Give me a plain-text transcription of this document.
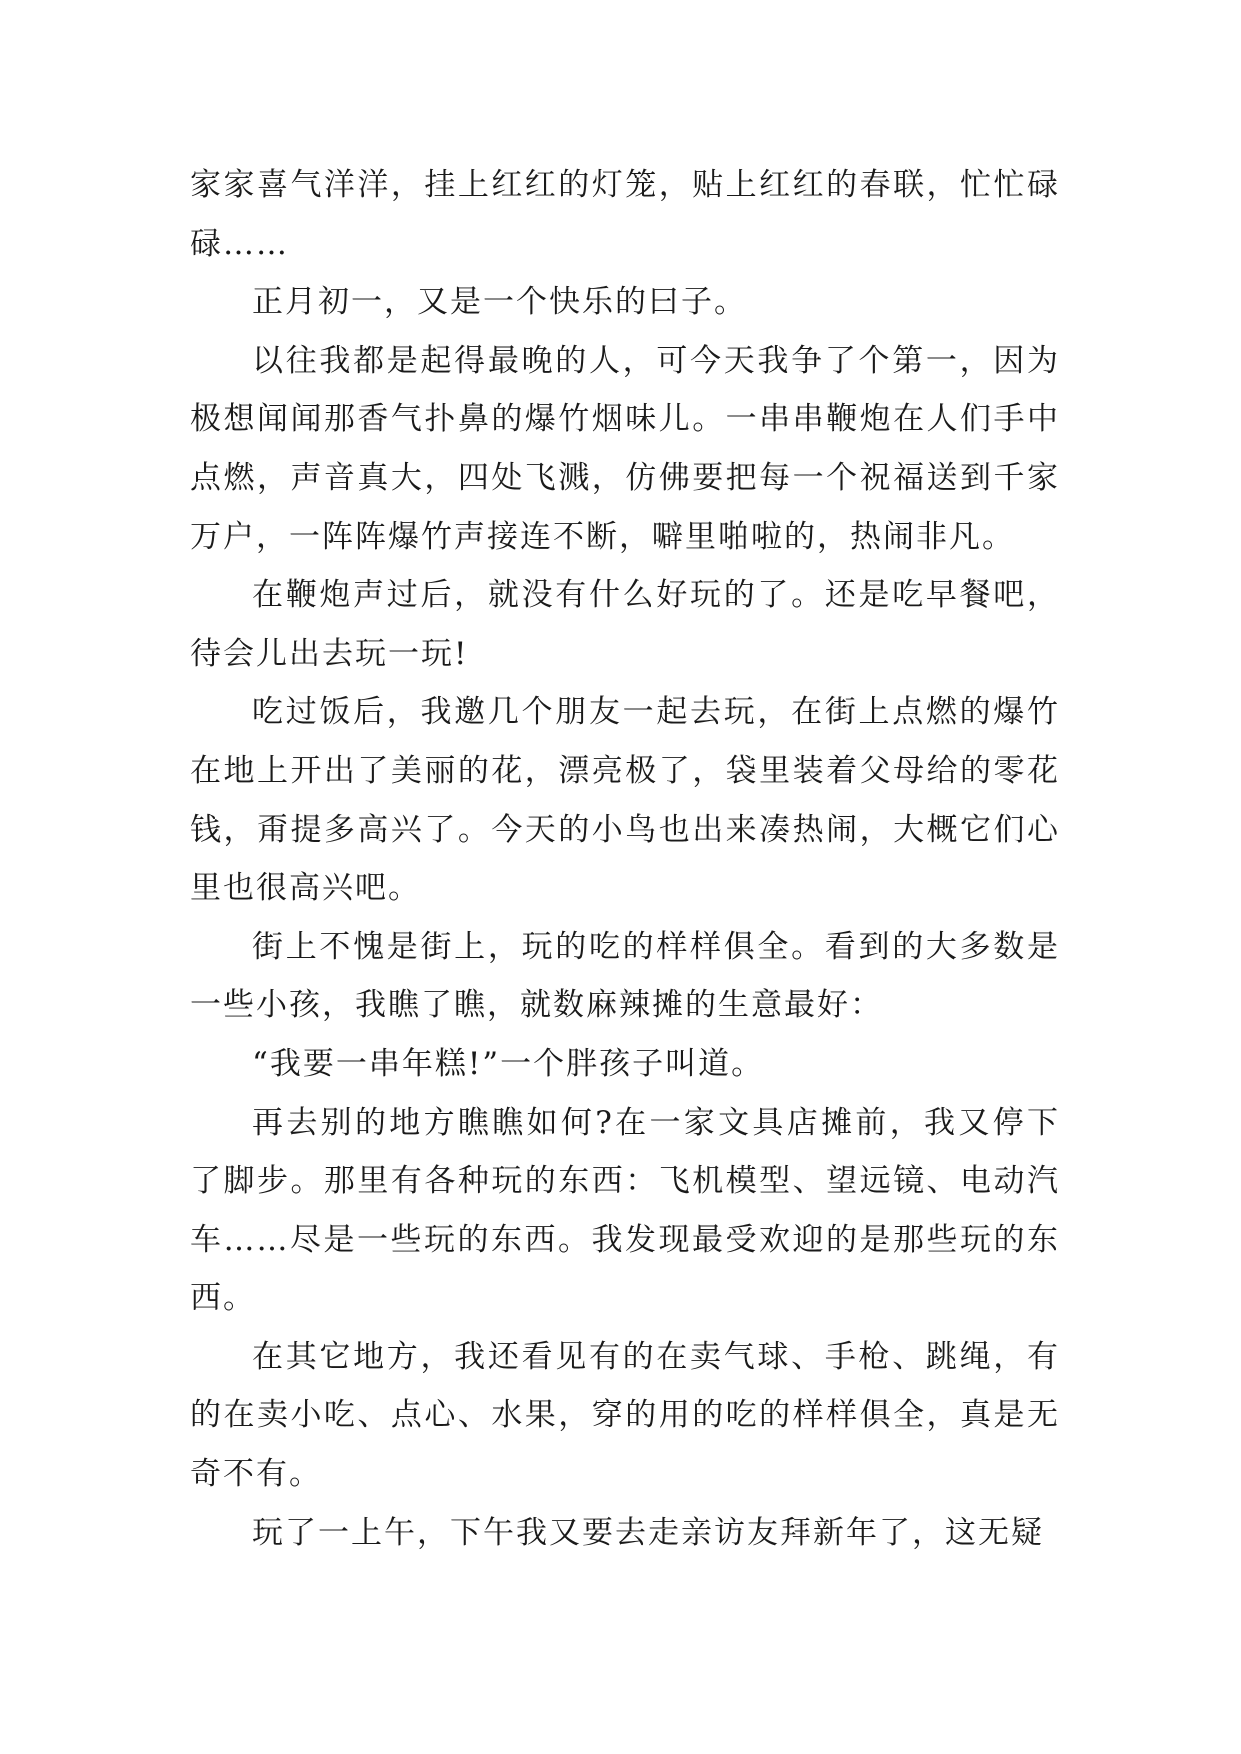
家家喜气洋洋，挂上红红的灯笼，贴上红红的春联，忙忙碌碌……

正月初一，又是一个快乐的曰子。

以往我都是起得最晚的人，可今天我争了个第一，因为极想闻闻那香气扑鼻的爆竹烟味儿。一串串鞭炮在人们手中点燃，声音真大，四处飞溅，仿佛要把每一个祝福送到千家万户，一阵阵爆竹声接连不断，噼里啪啦的，热闹非凡。

在鞭炮声过后，就没有什么好玩的了。还是吃早餐吧，待会儿出去玩一玩!

吃过饭后，我邀几个朋友一起去玩，在街上点燃的爆竹在地上开出了美丽的花，漂亮极了，袋里装着父母给的零花钱，甭提多高兴了。今天的小鸟也出来凑热闹，大概它们心里也很高兴吧。

街上不愧是街上，玩的吃的样样俱全。看到的大多数是一些小孩，我瞧了瞧，就数麻辣摊的生意最好：

“我要一串年糕!”一个胖孩子叫道。

再去别的地方瞧瞧如何?在一家文具店摊前，我又停下了脚步。那里有各种玩的东西：飞机模型、望远镜、电动汽车……尽是一些玩的东西。我发现最受欢迎的是那些玩的东西。

在其它地方，我还看见有的在卖气球、手枪、跳绳，有的在卖小吃、点心、水果，穿的用的吃的样样俱全，真是无奇不有。

玩了一上午，下午我又要去走亲访友拜新年了，这无疑
